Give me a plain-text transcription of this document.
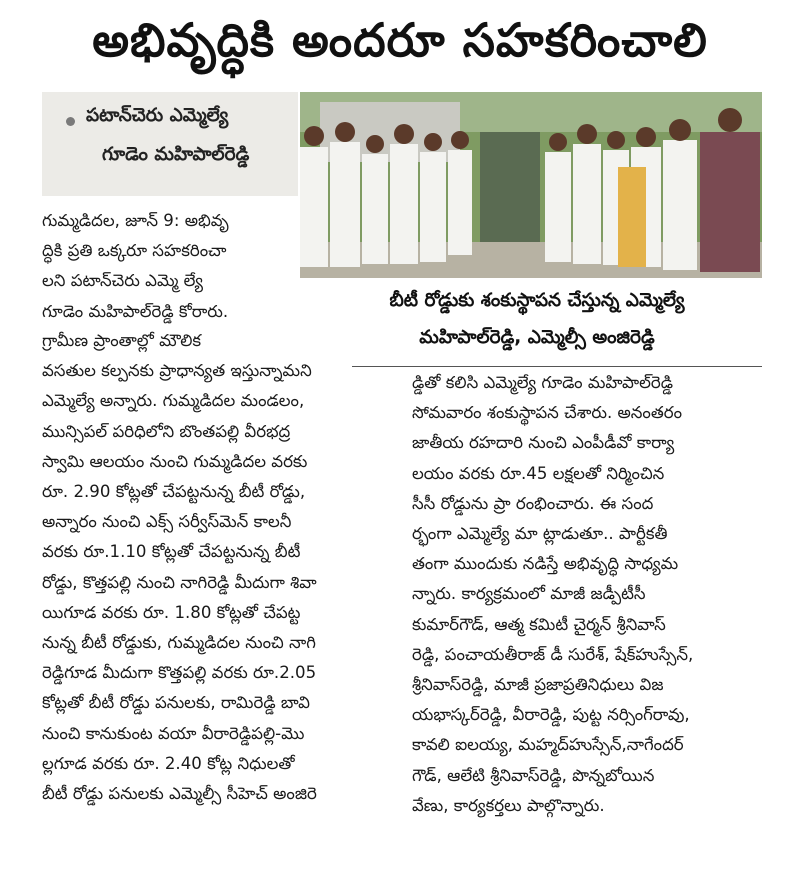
అభివృద్ధికి అందరూ సహకరించాలి
పటాన్‌చెరు ఎమ్మెల్యే
గూడెం మహిపాల్‌రెడ్డి
బీటీ రోడ్డుకు శంకుస్థాపన చేస్తున్న ఎమ్మెల్యే
మహిపాల్‌రెడ్డి, ఎమ్మెల్సీ అంజిరెడ్డి
గుమ్మడిదల, జూన్ 9: అభివృ
ద్ధికి ప్రతి ఒక్కరూ సహకరించా
లని పటాన్‌చెరు ఎమ్మె ల్యే
గూడెం మహిపాల్‌రెడ్డి కోరారు.
గ్రామీణ ప్రాంతాల్లో మౌలిక
వసతుల కల్పనకు ప్రాధాన్యత ఇస్తున్నామని
ఎమ్మెల్యే అన్నారు. గుమ్మడిదల మండలం,
మున్సిపల్ పరిధిలోని బొంతపల్లి వీరభద్ర
స్వామి ఆలయం నుంచి గుమ్మడిదల వరకు
రూ. 2.90 కోట్లతో చేపట్టనున్న బీటీ రోడ్డు,
అన్నారం నుంచి ఎక్స్ సర్వీస్‌మెన్ కాలనీ
వరకు రూ.1.10 కోట్లతో చేపట్టనున్న బీటీ
రోడ్డు, కొత్తపల్లి నుంచి నాగిరెడ్డి మీదుగా శివా
యిగూడ వరకు రూ. 1.80 కోట్లతో చేపట్ట
నున్న బీటీ రోడ్డుకు, గుమ్మడిదల నుంచి నాగి
రెడ్డిగూడ మీదుగా కొత్తపల్లి వరకు రూ.2.05
కోట్లతో బీటీ రోడ్డు పనులకు, రామిరెడ్డి బావి
నుంచి కానుకుంట వయా వీరారెడ్డిపల్లి-మొ
ల్లగూడ వరకు రూ. 2.40 కోట్ల నిధులతో
బీటీ రోడ్డు పనులకు ఎమ్మెల్సీ సీహెచ్ అంజిరె
డ్డితో కలిసి ఎమ్మెల్యే గూడెం మహిపాల్‌రెడ్డి
సోమవారం శంకుస్థాపన చేశారు. అనంతరం
జాతీయ రహదారి నుంచి ఎంపీడీవో కార్యా
లయం వరకు రూ.45 లక్షలతో నిర్మించిన
సీసీ రోడ్డును ప్రా రంభించారు. ఈ సంద
ర్భంగా ఎమ్మెల్యే మా ట్లాడుతూ.. పార్టీకతీ
తంగా ముందుకు నడిస్తే అభివృద్ధి సాధ్యమ
న్నారు. కార్యక్రమంలో మాజీ జడ్పీటీసీ
కుమార్‌గౌడ్, ఆత్మ కమిటీ చైర్మన్ శ్రీనివాస్
రెడ్డి, పంచాయతీరాజ్ డీ సురేశ్, షేక్‌హుస్సేన్,
శ్రీనివాస్‌రెడ్డి, మాజీ ప్రజాప్రతినిధులు విజ
యభాస్కర్‌రెడ్డి, వీరారెడ్డి, పుట్ట నర్సింగ్‌రావు,
కావలి ఐలయ్య, మహ్మద్‌హుస్సేన్,నాగేందర్
గౌడ్, ఆలేటి శ్రీనివాస్‌రెడ్డి, పొన్నబోయిన
వేణు, కార్యకర్తలు పాల్గొన్నారు.
